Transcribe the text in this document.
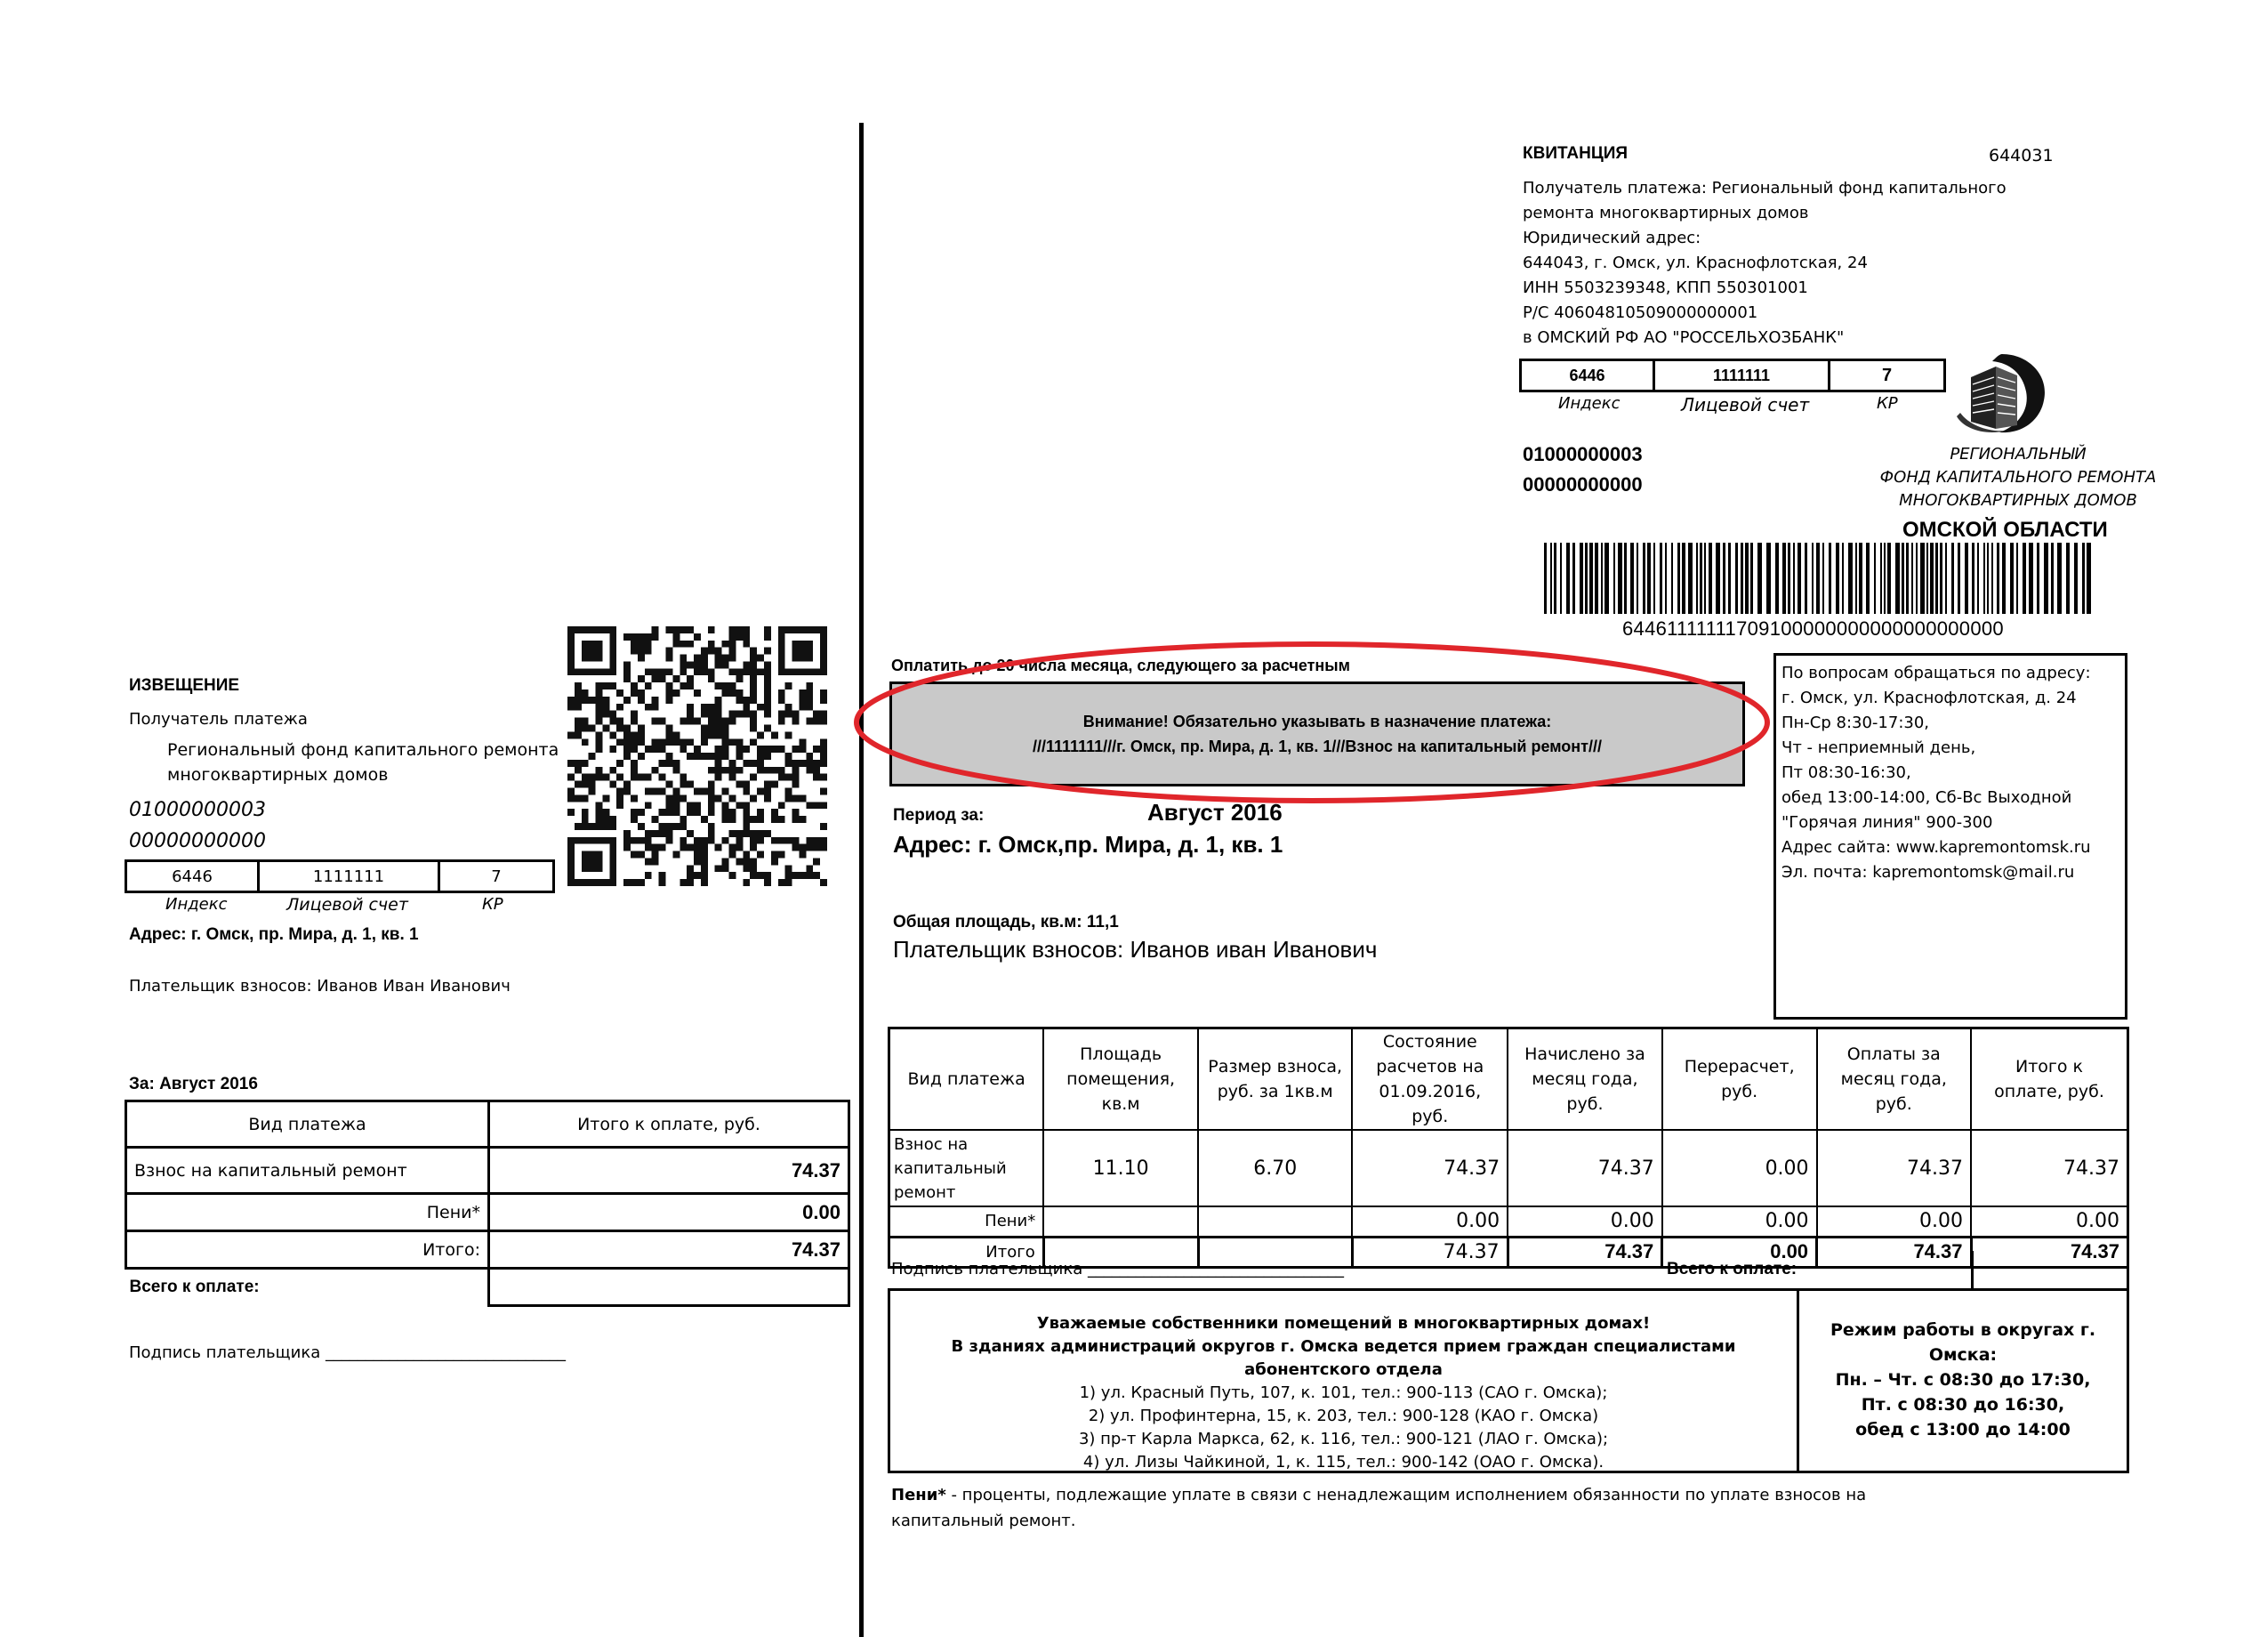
ИЗВЕЩЕНИЕ
Получатель платежа
Региональный фонд капитального ремонта
многоквартирных домов
01000000003
00000000000
6446	1111111	7
Индекс	Лицевой счет	КР
Адрес: г. Омск, пр. Мира, д. 1, кв. 1
Плательщик взносов: Иванов Иван Иванович
За: Август 2016
Вид платежа	Итого к оплате, руб.
Взнос на капитальный ремонт	74.37
Пени*	0.00
Итого:	74.37
Всего к оплате:	
Подпись плательщика ______________________________
КВИТАНЦИЯ	644031
Получатель платежа: Региональный фонд капитального
ремонта многоквартирных домов
Юридический адрес:
644043, г. Омск, ул. Краснофлотская, 24
ИНН 5503239348, КПП 550301001
Р/С 40604810509000000001
в ОМСКИЙ РФ АО "РОССЕЛЬХОЗБАНК"
6446	1111111	7
Индекс	Лицевой счет	КР
01000000003
00000000000
РЕГИОНАЛЬНЫЙ
ФОНД КАПИТАЛЬНОГО РЕМОНТА
МНОГОКВАРТИРНЫХ ДОМОВ
ОМСКОЙ ОБЛАСТИ
64461111111709100000000000000000000
Оплатить до 20 числа месяца, следующего за расчетным
Внимание! Обязательно указывать в назначение платежа:
///1111111///г. Омск, пр. Мира, д. 1, кв. 1///Взнос на капитальный ремонт///
Период за:	Август 2016
Адрес: г. Омск,пр. Мира, д. 1, кв. 1
Общая площадь, кв.м: 11,1
Плательщик взносов: Иванов иван Иванович
По вопросам обращаться по адресу:
г. Омск, ул. Краснофлотская, д. 24
Пн-Ср 8:30-17:30,
Чт - неприемный день,
Пт 08:30-16:30,
обед 13:00-14:00, Сб-Вс Выходной
"Горячая линия" 900-300
Адрес сайта: www.kapremontomsk.ru
Эл. почта: kapremontomsk@mail.ru
Вид платежа	Площадь помещения, кв.м	Размер взноса, руб. за 1кв.м	Состояние расчетов на 01.09.2016, руб.	Начислено за месяц года, руб.	Перерасчет, руб.	Оплаты за месяц года, руб.	Итого к оплате, руб.
Взнос на капитальный ремонт	11.10	6.70	74.37	74.37	0.00	74.37	74.37
Пени*			0.00	0.00	0.00	0.00	0.00
Итого			74.37	74.37	0.00	74.37	74.37
Подпись плательщика ________________________________	Всего к оплате:
Уважаемые собственники помещений в многоквартирных домах!
В зданиях администраций округов г. Омска ведется прием граждан специалистами абонентского отдела
1) ул. Красный Путь, 107, к. 101, тел.: 900-113 (САО г. Омска);
2) ул. Профинтерна, 15, к. 203, тел.: 900-128 (КАО г. Омска)
3) пр-т Карла Маркса, 62, к. 116, тел.: 900-121 (ЛАО г. Омска);
4) ул. Лизы Чайкиной, 1, к. 115, тел.: 900-142 (ОАО г. Омска).
Режим работы в округах г. Омска:
Пн. – Чт. с 08:30 до 17:30,
Пт. с 08:30 до 16:30,
обед с 13:00 до 14:00
Пени* - проценты, подлежащие уплате в связи с ненадлежащим исполнением обязанности по уплате взносов на
капитальный ремонт.
